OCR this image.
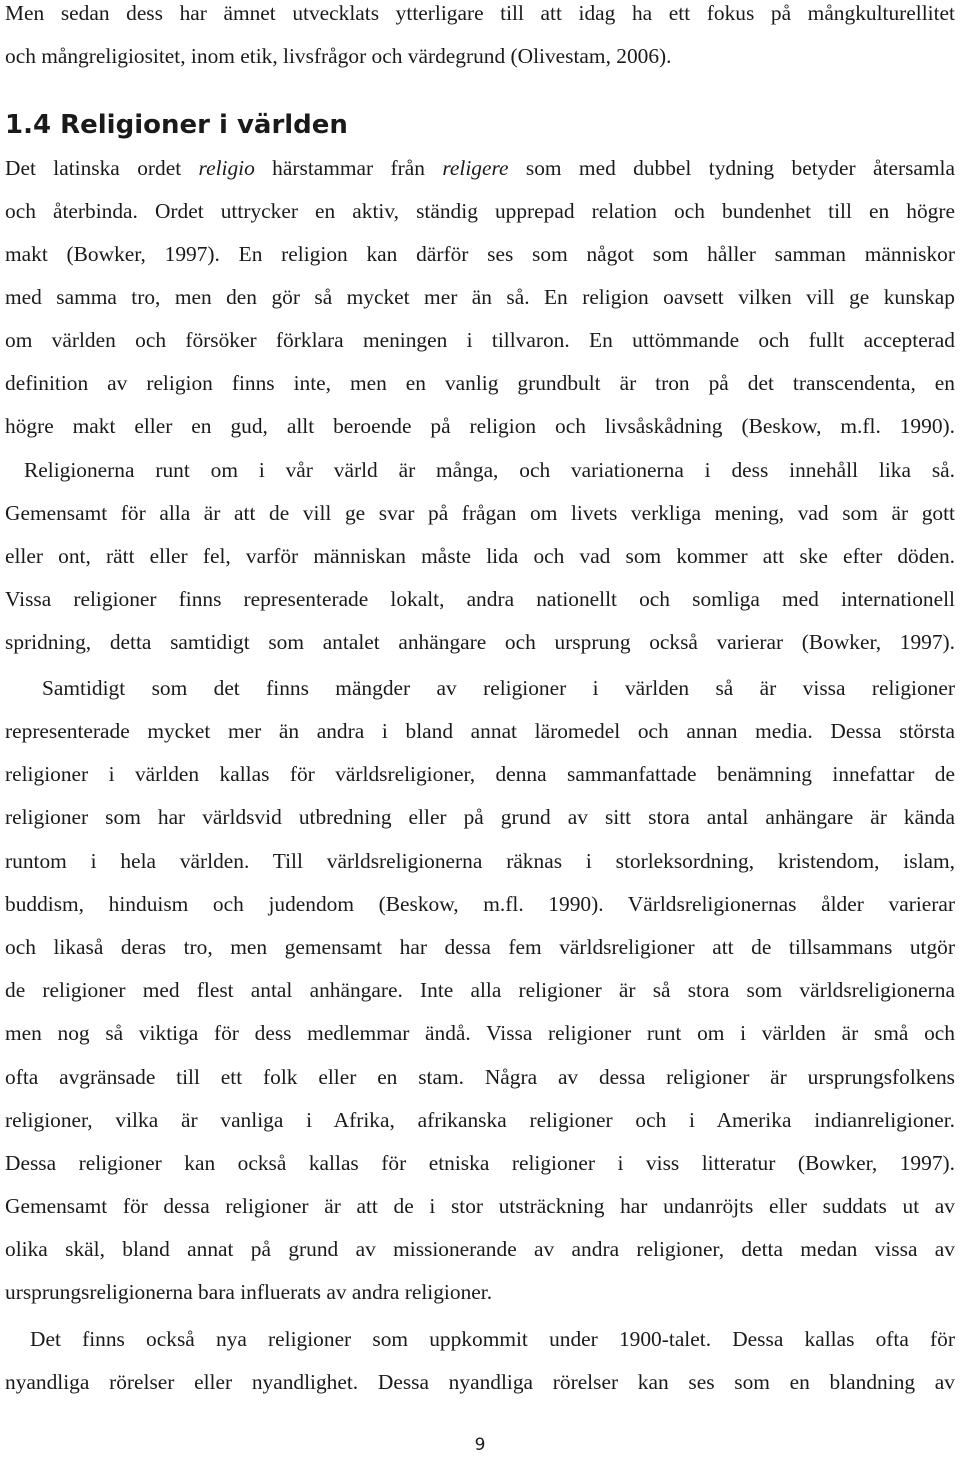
Men sedan dess har ämnet utvecklats ytterligare till att idag ha ett fokus på mångkulturellitet
och mångreligiositet, inom etik, livsfrågor och värdegrund (Olivestam, 2006).
1.4 Religioner i världen
Det latinska ordet religio härstammar från religere som med dubbel tydning betyder återsamla
och återbinda. Ordet uttrycker en aktiv, ständig upprepad relation och bundenhet till en högre
makt (Bowker, 1997). En religion kan därför ses som något som håller samman människor
med samma tro, men den gör så mycket mer än så. En religion oavsett vilken vill ge kunskap
om världen och försöker förklara meningen i tillvaron. En uttömmande och fullt accepterad
definition av religion finns inte, men en vanlig grundbult är tron på det transcendenta, en
högre makt eller en gud, allt beroende på religion och livsåskådning (Beskow, m.fl. 1990).
Religionerna runt om i vår värld är många, och variationerna i dess innehåll lika så.
Gemensamt för alla är att de vill ge svar på frågan om livets verkliga mening, vad som är gott
eller ont, rätt eller fel, varför människan måste lida och vad som kommer att ske efter döden.
Vissa religioner finns representerade lokalt, andra nationellt och somliga med internationell
spridning, detta samtidigt som antalet anhängare och ursprung också varierar (Bowker, 1997).
Samtidigt som det finns mängder av religioner i världen så är vissa religioner
representerade mycket mer än andra i bland annat läromedel och annan media. Dessa största
religioner i världen kallas för världsreligioner, denna sammanfattade benämning innefattar de
religioner som har världsvid utbredning eller på grund av sitt stora antal anhängare är kända
runtom i hela världen. Till världsreligionerna räknas i storleksordning, kristendom, islam,
buddism, hinduism och judendom (Beskow, m.fl. 1990). Världsreligionernas ålder varierar
och likaså deras tro, men gemensamt har dessa fem världsreligioner att de tillsammans utgör
de religioner med flest antal anhängare. Inte alla religioner är så stora som världsreligionerna
men nog så viktiga för dess medlemmar ändå. Vissa religioner runt om i världen är små och
ofta avgränsade till ett folk eller en stam. Några av dessa religioner är ursprungsfolkens
religioner, vilka är vanliga i Afrika, afrikanska religioner och i Amerika indianreligioner.
Dessa religioner kan också kallas för etniska religioner i viss litteratur (Bowker, 1997).
Gemensamt för dessa religioner är att de i stor utsträckning har undanröjts eller suddats ut av
olika skäl, bland annat på grund av missionerande av andra religioner, detta medan vissa av
ursprungsreligionerna bara influerats av andra religioner.
Det finns också nya religioner som uppkommit under 1900-talet. Dessa kallas ofta för
nyandliga rörelser eller nyandlighet. Dessa nyandliga rörelser kan ses som en blandning av
9
